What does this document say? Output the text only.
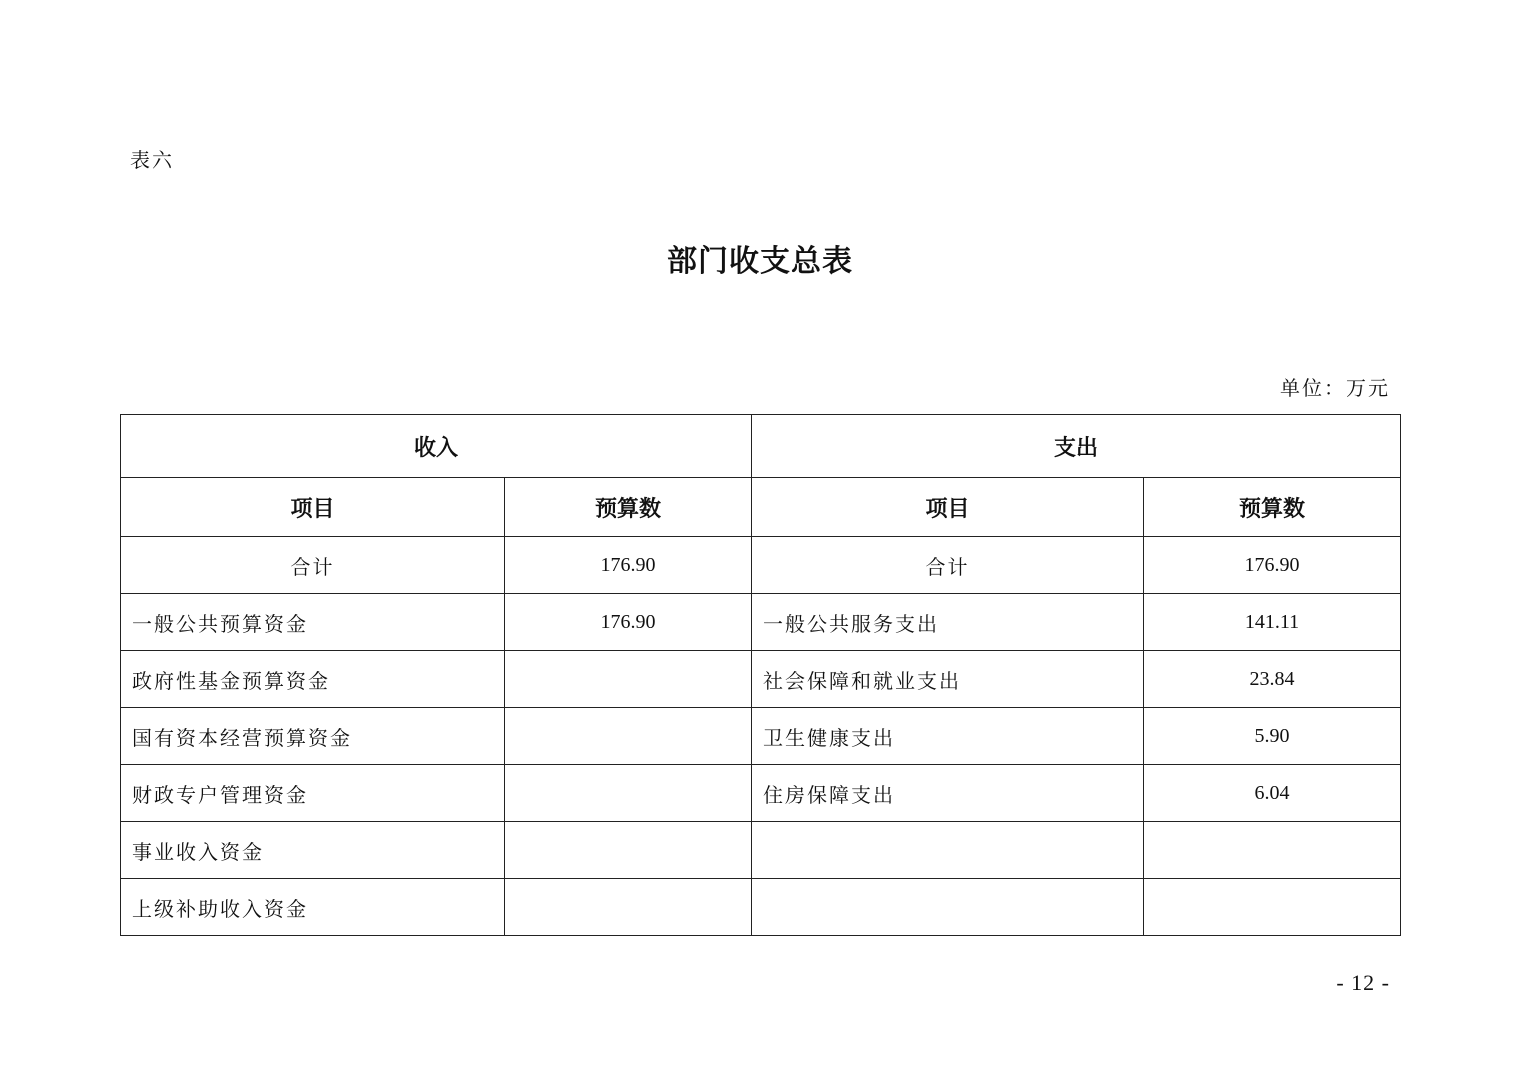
表六
部门收支总表
单位：万元
收入		支出	
项目	预算数	项目	预算数
合计	176.90	合计	176.90
一般公共预算资金	176.90	一般公共服务支出	141.11
政府性基金预算资金		社会保障和就业支出	23.84
国有资本经营预算资金		卫生健康支出	5.90
财政专户管理资金		住房保障支出	6.04
事业收入资金			
上级补助收入资金			
- 12 -
